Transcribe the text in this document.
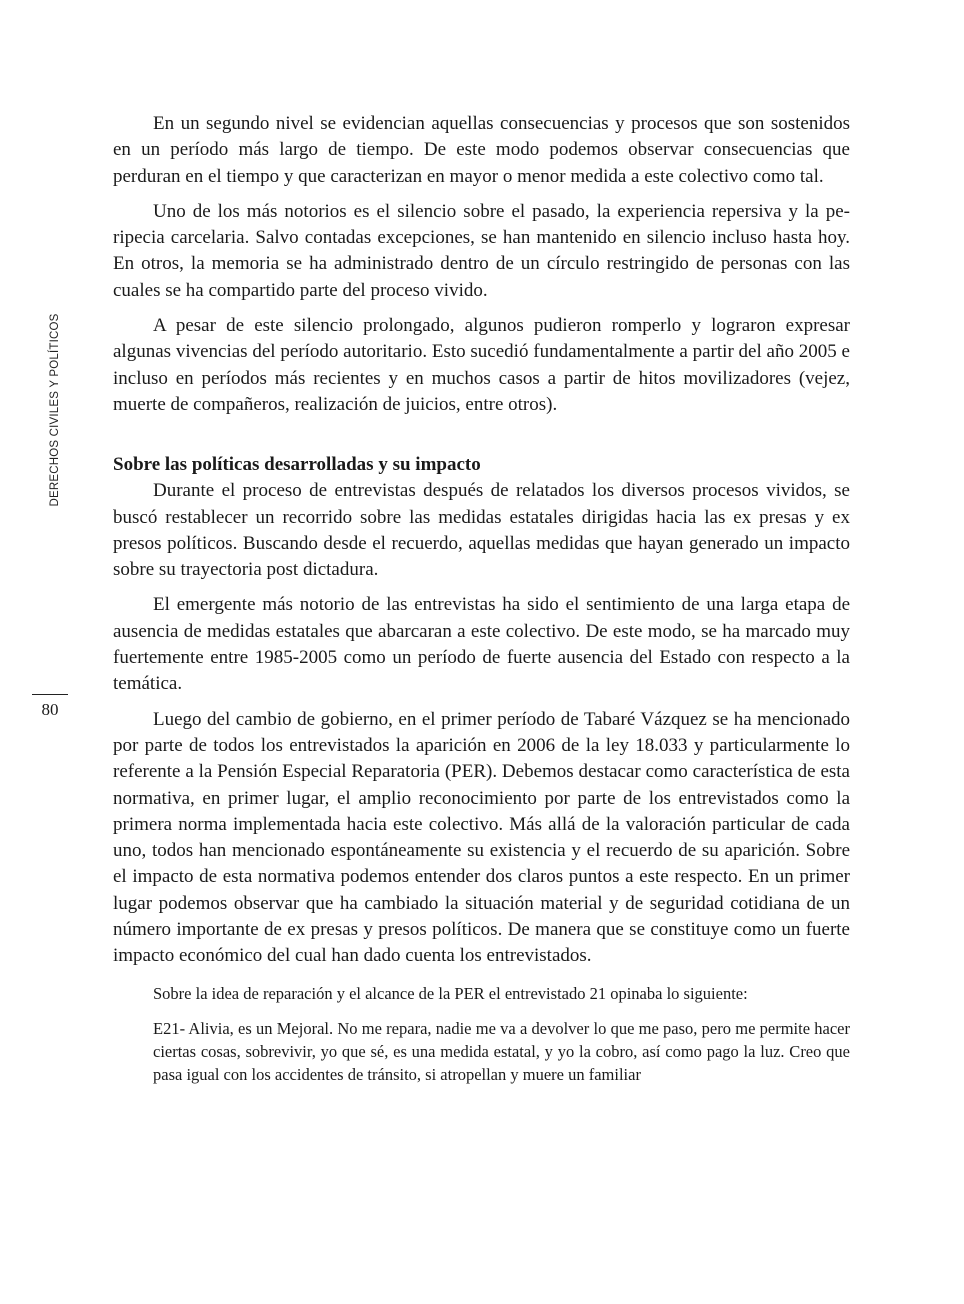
DERECHOS CIVILES Y POLÍTICOS
80

En un segundo nivel se evidencian aquellas consecuencias y procesos que son sostenidos en un período más largo de tiempo. De este modo podemos observar consecuencias que perduran en el tiempo y que caracterizan en mayor o menor medida a este colectivo como tal.

Uno de los más notorios es el silencio sobre el pasado, la experiencia repersiva y la peripecia carcelaria. Salvo contadas excepciones, se han mantenido en silencio incluso hasta hoy. En otros, la memoria se ha administrado dentro de un círculo restringido de personas con las cuales se ha compartido parte del proceso vivido.

A pesar de este silencio prolongado, algunos pudieron romperlo y lograron expresar algunas vivencias del período autoritario. Esto sucedió fundamentalmente a partir del año 2005 e incluso en períodos más recientes y en muchos casos a partir de hitos movilizadores (vejez, muerte de compañeros, realización de juicios, entre otros).

Sobre las políticas desarrolladas y su impacto

Durante el proceso de entrevistas después de relatados los diversos procesos vividos, se buscó restablecer un recorrido sobre las medidas estatales dirigidas hacia las ex presas y ex presos políticos. Buscando desde el recuerdo, aquellas medidas que hayan generado un impacto sobre su trayectoria post dictadura.

El emergente más notorio de las entrevistas ha sido el sentimiento de una larga etapa de ausencia de medidas estatales que abarcaran a este colectivo. De este modo, se ha marcado muy fuertemente entre 1985-2005 como un período de fuerte ausencia del Estado con respecto a la temática.

Luego del cambio de gobierno, en el primer período de Tabaré Vázquez se ha mencionado por parte de todos los entrevistados la aparición en 2006 de la ley 18.033 y particularmente lo referente a la Pensión Especial Reparatoria (PER). Debemos destacar como característica de esta normativa, en primer lugar, el amplio reconocimiento por parte de los entrevistados como la primera norma implementada hacia este colectivo. Más allá de la valoración particular de cada uno, todos han mencionado espontáneamente su existencia y el recuerdo de su aparición. Sobre el impacto de esta normativa podemos entender dos claros puntos a este respecto. En un primer lugar podemos observar que ha cambiado la situación material y de seguridad cotidiana de un número importante de ex presas y presos políticos. De manera que se constituye como un fuerte impacto económico del cual han dado cuenta los entrevistados.

Sobre la idea de reparación y el alcance de la PER el entrevistado 21 opinaba lo siguiente:

E21- Alivia, es un Mejoral. No me repara, nadie me va a devolver lo que me paso, pero me permite hacer ciertas cosas, sobrevivir, yo que sé, es una medida estatal, y yo la cobro, así como pago la luz. Creo que pasa igual con los accidentes de tránsito, si atropellan y muere un familiar
